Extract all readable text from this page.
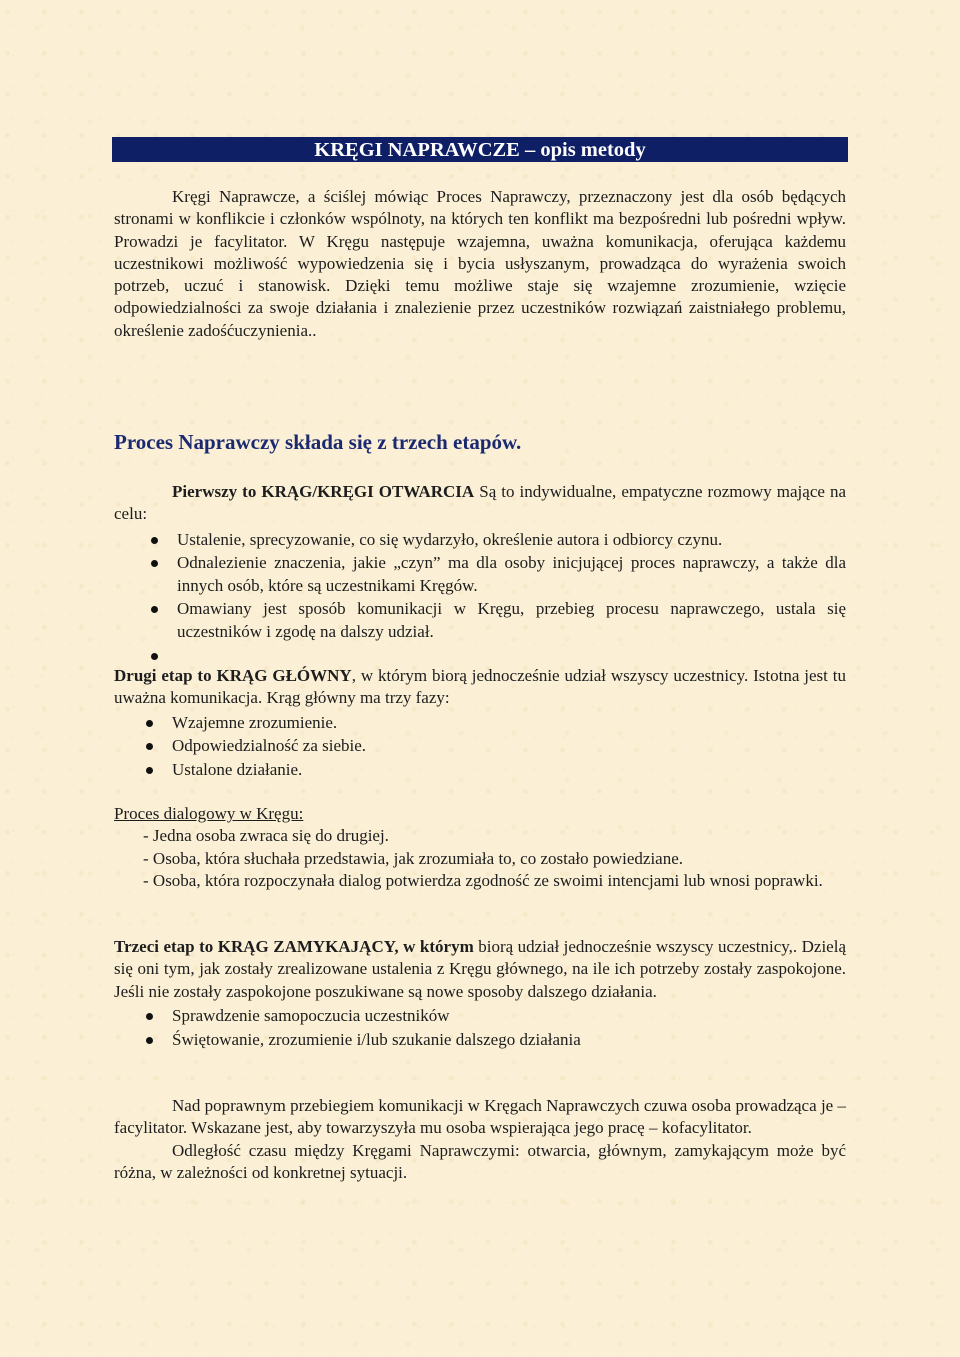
KRĘGI NAPRAWCZE – opis metody

Kręgi Naprawcze, a ściślej mówiąc Proces Naprawczy, przeznaczony jest dla osób będących stronami w konflikcie i członków wspólnoty, na których ten konflikt ma bezpośredni lub pośredni wpływ. Prowadzi je facylitator. W Kręgu następuje wzajemna, uważna komunikacja, oferująca każdemu uczestnikowi możliwość wypowiedzenia się i bycia usłyszanym, prowadząca do wyrażenia swoich potrzeb, uczuć i stanowisk. Dzięki temu możliwe staje się wzajemne zrozumienie, wzięcie odpowiedzialności za swoje działania i znalezienie przez uczestników rozwiązań zaistniałego problemu, określenie zadośćuczynienia..

Proces Naprawczy składa się z trzech etapów.

Pierwszy to KRĄG/KRĘGI OTWARCIA Są to indywidualne, empatyczne rozmowy mające na celu:

Ustalenie, sprecyzowanie, co się wydarzyło, określenie autora i odbiorcy czynu.
Odnalezienie znaczenia, jakie „czyn” ma dla osoby inicjującej proces naprawczy, a także dla innych osób, które są uczestnikami Kręgów.
Omawiany jest sposób komunikacji w Kręgu, przebieg procesu naprawczego, ustala się uczestników i zgodę na dalszy udział.

Drugi etap to KRĄG GŁÓWNY, w którym biorą jednocześnie udział wszyscy uczestnicy. Istotna jest tu uważna komunikacja. Krąg główny ma trzy fazy:

Wzajemne zrozumienie.
Odpowiedzialność za siebie.
Ustalone działanie.

Proces dialogowy w Kręgu:

- Jedna osoba zwraca się do drugiej.

- Osoba, która słuchała przedstawia, jak zrozumiała to, co zostało powiedziane.

- Osoba, która rozpoczynała dialog potwierdza zgodność ze swoimi intencjami lub wnosi poprawki.

Trzeci etap to KRĄG ZAMYKAJĄCY, w którym biorą udział jednocześnie wszyscy uczestnicy,. Dzielą się oni tym, jak zostały zrealizowane ustalenia z Kręgu głównego, na ile ich potrzeby zostały zaspokojone. Jeśli nie zostały zaspokojone poszukiwane są nowe sposoby dalszego działania.

Sprawdzenie samopoczucia uczestników
Świętowanie, zrozumienie i/lub szukanie dalszego działania

Nad poprawnym przebiegiem komunikacji w Kręgach Naprawczych czuwa osoba prowadząca je – facylitator. Wskazane jest, aby towarzyszyła mu osoba wspierająca jego pracę – kofacylitator.

Odległość czasu między Kręgami Naprawczymi: otwarcia, głównym, zamykającym może być różna, w zależności od konkretnej sytuacji.
